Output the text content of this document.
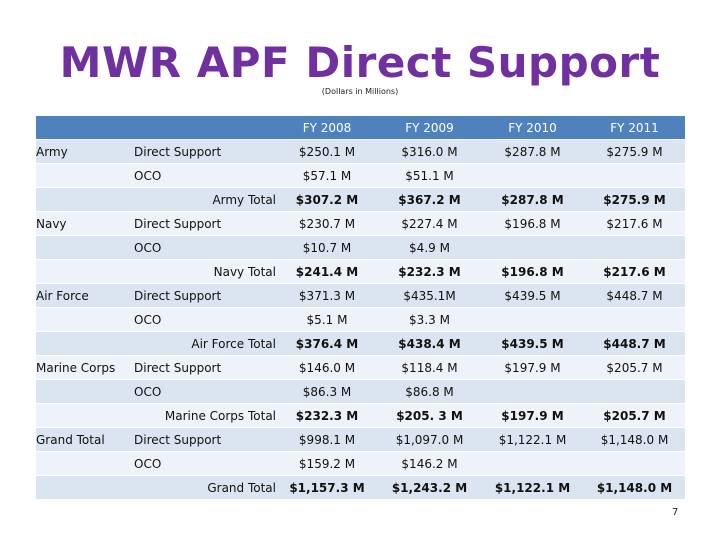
MWR APF Direct Support
(Dollars in Millions)
		FY 2008	FY 2009	FY 2010	FY 2011
Army	Direct Support	$250.1 M	$316.0 M	$287.8 M	$275.9 M
	OCO	$57.1 M	$51.1 M		
	Army Total	$307.2 M	$367.2 M	$287.8 M	$275.9 M
Navy	Direct Support	$230.7 M	$227.4 M	$196.8 M	$217.6 M
	OCO	$10.7 M	$4.9 M		
	Navy Total	$241.4 M	$232.3 M	$196.8 M	$217.6 M
Air Force	Direct Support	$371.3 M	$435.1M	$439.5 M	$448.7 M
	OCO	$5.1 M	$3.3 M		
	Air Force Total	$376.4 M	$438.4 M	$439.5 M	$448.7 M
Marine Corps	Direct Support	$146.0 M	$118.4 M	$197.9 M	$205.7 M
	OCO	$86.3 M	$86.8 M		
	Marine Corps Total	$232.3 M	$205. 3 M	$197.9 M	$205.7 M
Grand Total	Direct Support	$998.1 M	$1,097.0 M	$1,122.1 M	$1,148.0 M
	OCO	$159.2 M	$146.2 M		
	Grand Total	$1,157.3 M	$1,243.2 M	$1,122.1 M	$1,148.0 M
7
